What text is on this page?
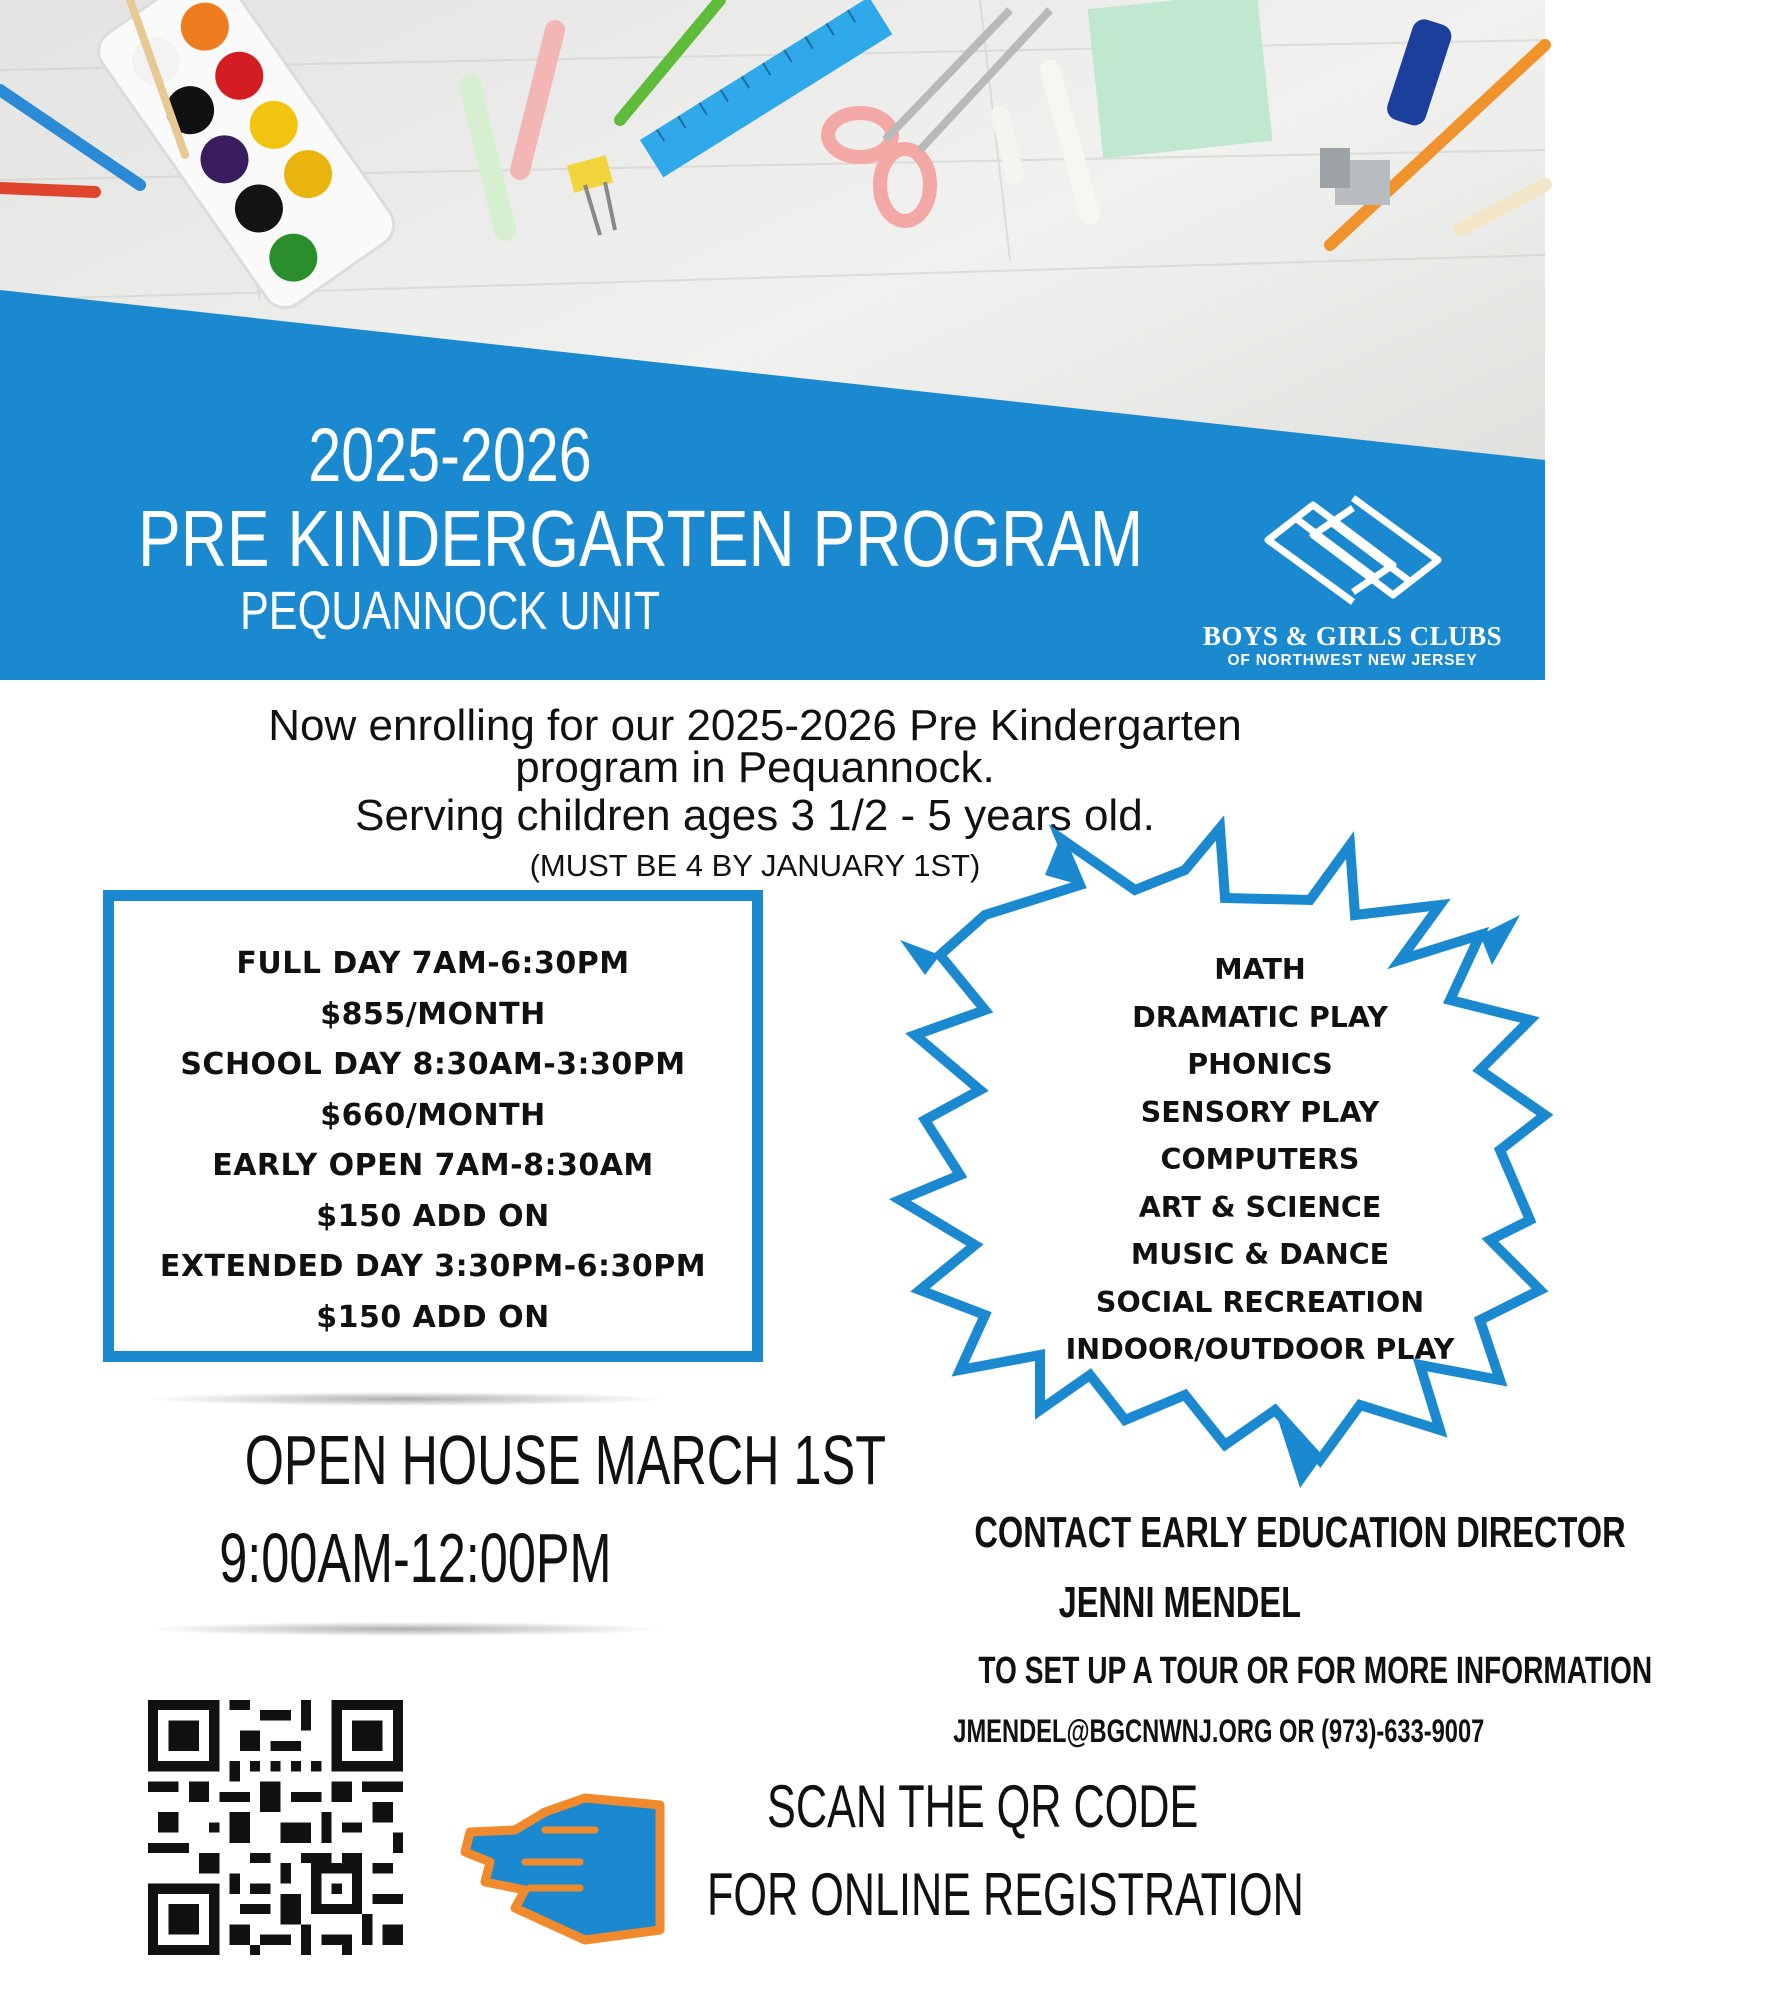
2025-2026
PRE KINDERGARTEN PROGRAM
PEQUANNOCK UNIT	BOYS & GIRLS CLUBS
OF NORTHWEST NEW JERSEY
Now enrolling for our 2025-2026 Pre Kindergarten
program in Pequannock.
Serving children ages 3 1/2 - 5 years old.
(MUST BE 4 BY JANUARY 1ST)
FULL DAY 7AM-6:30PM
$855/MONTH
SCHOOL DAY 8:30AM-3:30PM
$660/MONTH
EARLY OPEN 7AM-8:30AM
$150 ADD ON
EXTENDED DAY 3:30PM-6:30PM
$150 ADD ON
MATH
DRAMATIC PLAY
PHONICS
SENSORY PLAY
COMPUTERS
ART & SCIENCE
MUSIC & DANCE
SOCIAL RECREATION
INDOOR/OUTDOOR PLAY
OPEN HOUSE MARCH 1ST
9:00AM-12:00PM	CONTACT EARLY EDUCATION DIRECTOR
JENNI MENDEL
TO SET UP A TOUR OR FOR MORE INFORMATION
JMENDEL@BGCNWNJ.ORG OR (973)-633-9007
SCAN THE QR CODE
FOR ONLINE REGISTRATION
